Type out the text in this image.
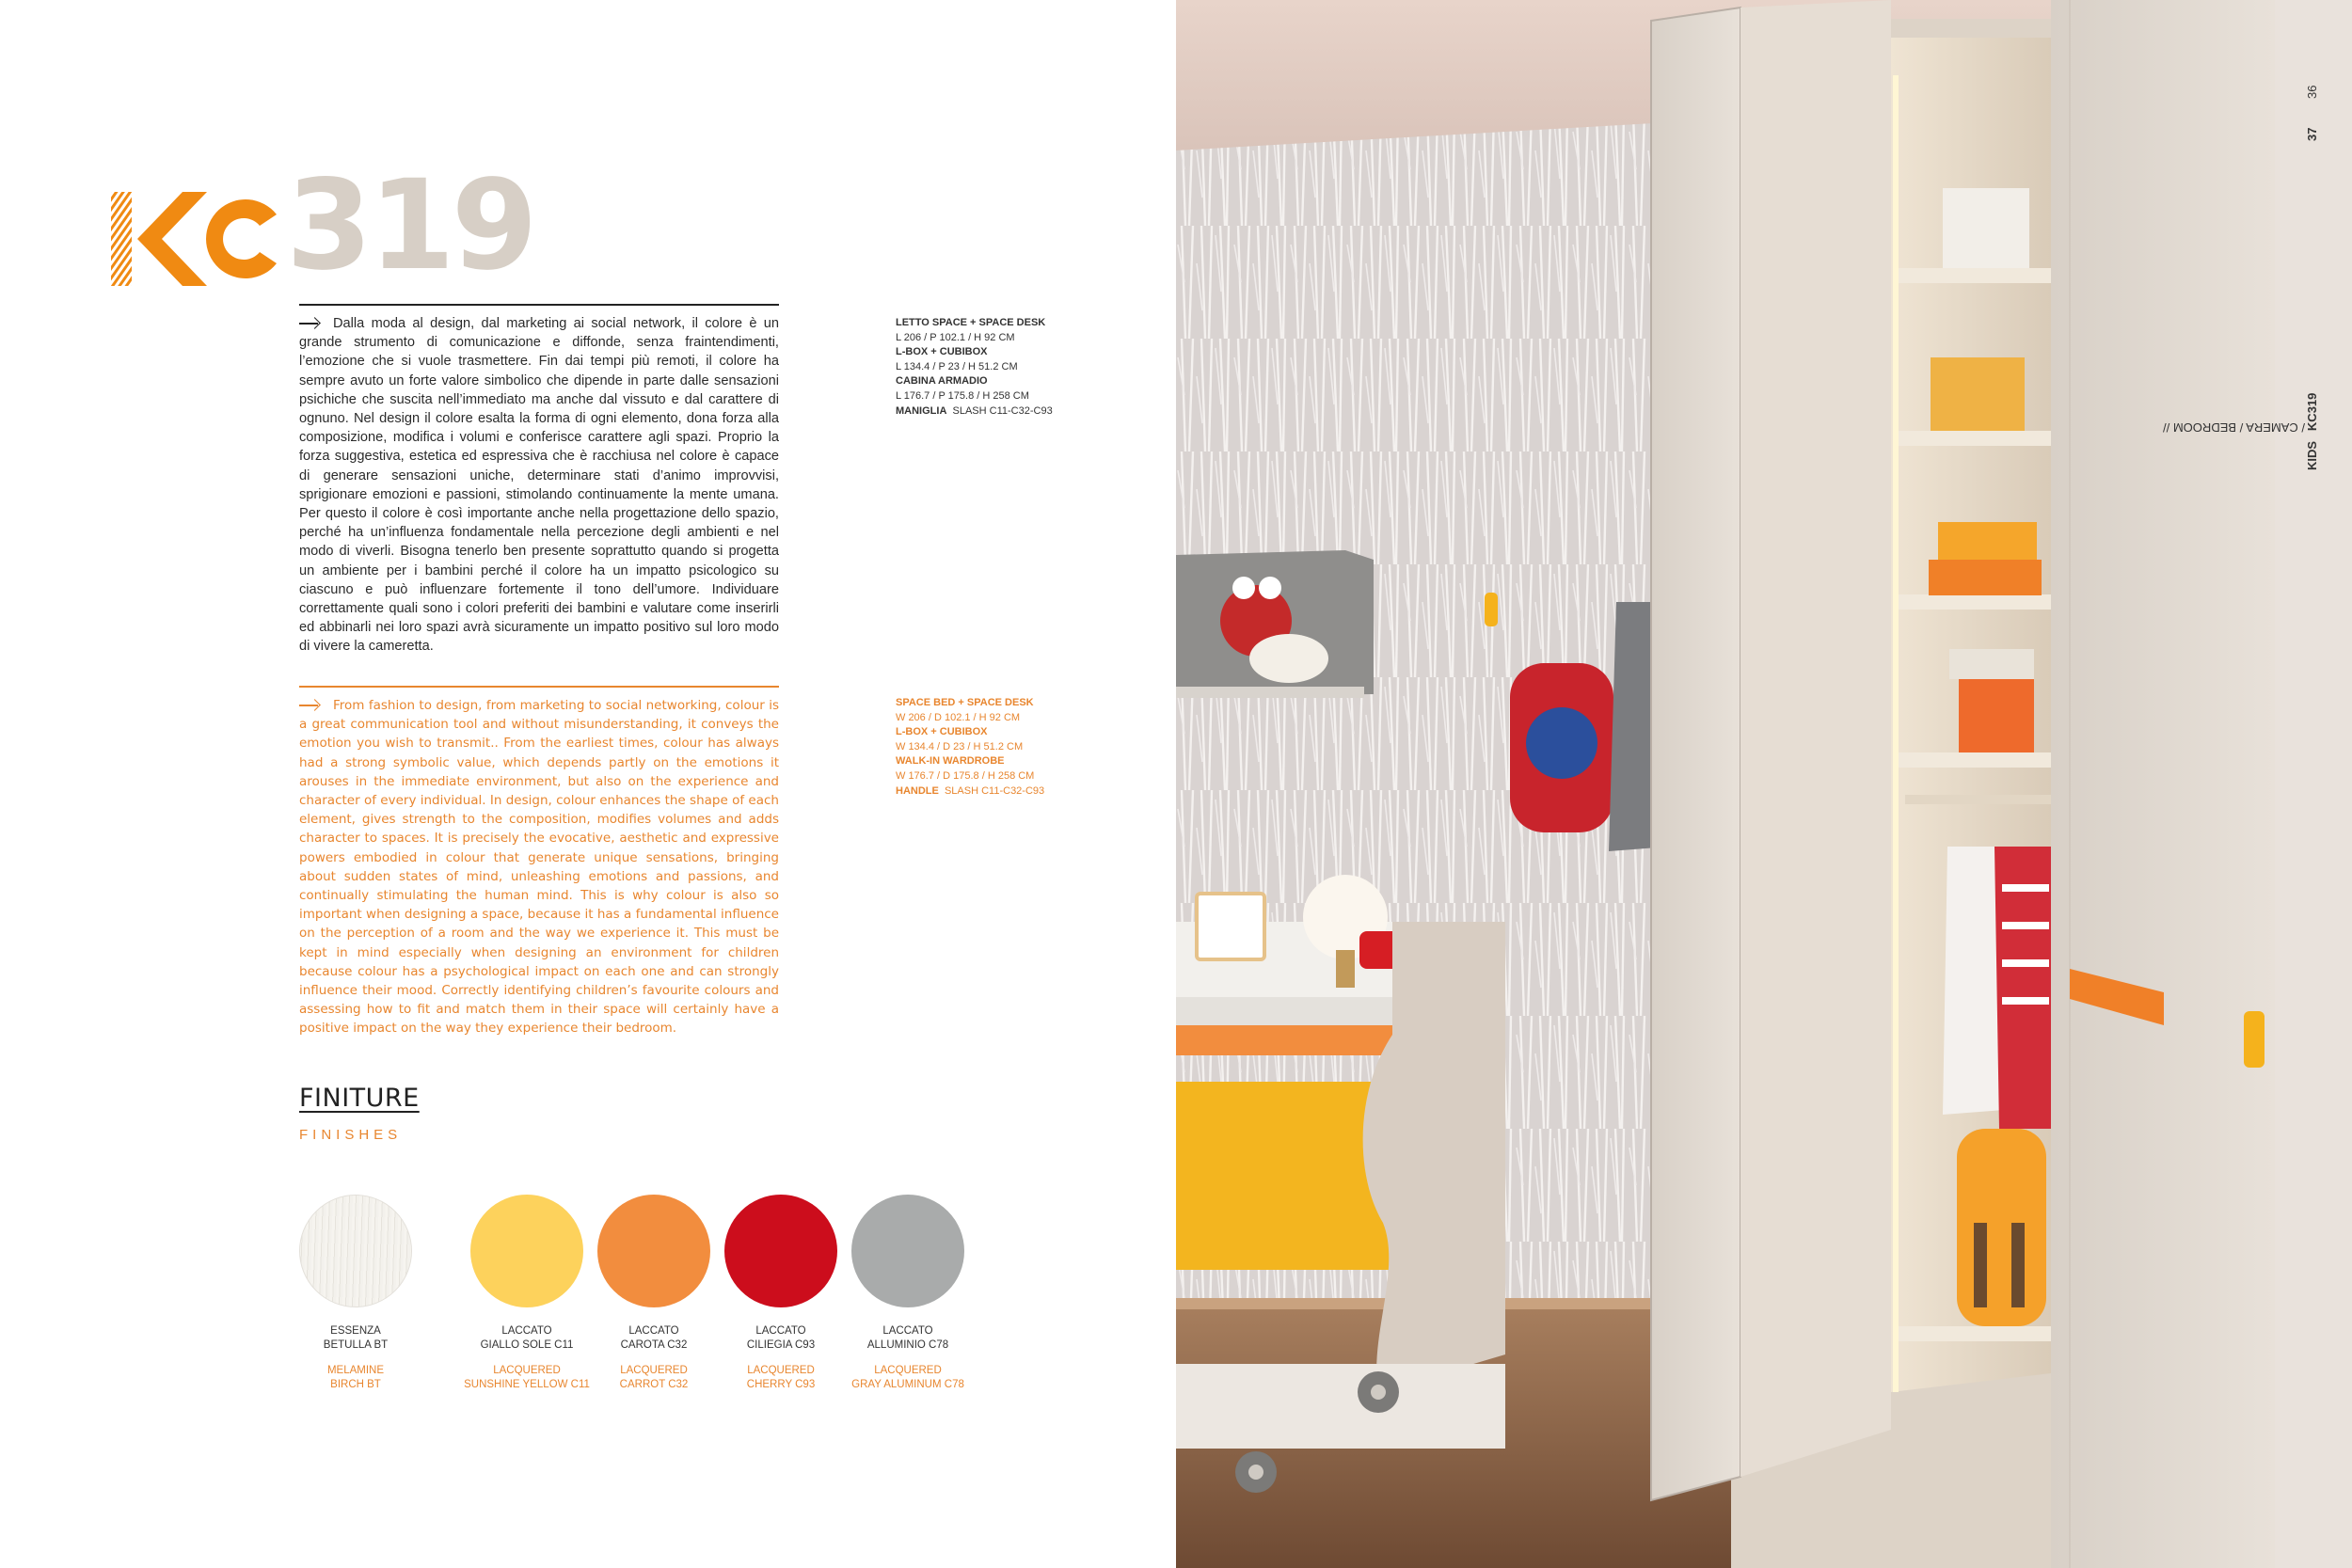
319

Dalla moda al design, dal marketing ai social network, il colore è un grande strumento di comunicazione e diffonde, senza fraintendimenti, l’emozione che si vuole trasmettere. Fin dai tempi più remoti, il colore ha sempre avuto un forte valore simbolico che dipende in parte dalle sensazioni psichiche che suscita nell’immediato ma anche dal vissuto e dal carattere di ognuno. Nel design il colore esalta la forma di ogni elemento, dona forza alla composizione, modifica i volumi e conferisce carattere agli spazi. Proprio la forza suggestiva, estetica ed espressiva che è racchiusa nel colore è capace di generare sensazioni uniche, determinare stati d’animo improvvisi, sprigionare emozioni e passioni, stimolando continuamente la mente umana. Per questo il colore è così importante anche nella progettazione dello spazio, perché ha un’influenza fondamentale nella percezione degli ambienti e nel modo di viverli. Bisogna tenerlo ben presente soprattutto quando si progetta un ambiente per i bambini perché il colore ha un impatto psicologico su ciascuno e può influenzare fortemente il tono dell’umore. Individuare correttamente quali sono i colori preferiti dei bambini e valutare come inserirli ed abbinarli nei loro spazi avrà sicuramente un impatto positivo sul loro modo di vivere la cameretta.

From fashion to design, from marketing to social networking, colour is a great communication tool and without misunderstanding, it conveys the emotion you wish to transmit.. From the earliest times, colour has always had a strong symbolic value, which depends partly on the emotions it arouses in the immediate environment, but also on the experience and character of every individual. In design, colour enhances the shape of each element, gives strength to the composition, modifies volumes and adds character to spaces. It is precisely the evocative, aesthetic and expressive powers embodied in colour that generate unique sensations, bringing about sudden states of mind, unleashing emotions and passions, and continually stimulating the human mind. This is why colour is also so important when designing a space, because it has a fundamental influence on the perception of a room and the way we experience it. This must be kept in mind especially when designing an environment for children because colour has a psychological impact on each one and can strongly influence their mood. Correctly identifying children’s favourite colours and assessing how to fit and match them in their space will certainly have a positive impact on the way they experience their bedroom.

LETTO SPACE + SPACE DESK
L 206 / P 102.1 / H 92 CM
L-BOX + CUBIBOX
L 134.4 / P 23 / H 51.2 CM
CABINA ARMADIO
L 176.7 / P 175.8 / H 258 CM
MANIGLIA SLASH C11-C32-C93
SPACE BED + SPACE DESK
W 206 / D 102.1 / H 92 CM
L-BOX + CUBIBOX
W 134.4 / D 23 / H 51.2 CM
WALK-IN WARDROBE
W 176.7 / D 175.8 / H 258 CM
HANDLE SLASH C11-C32-C93
FINITURE
FINISHES
ESSENZA
BETULLA BT
MELAMINE
BIRCH BT
LACCATO
GIALLO SOLE C11
LACQUERED
SUNSHINE YELLOW C11
LACCATO
CAROTA C32
LACQUERED
CARROT C32
LACCATO
CILIEGIA C93
LACQUERED
CHERRY C93
LACCATO
ALLUMINIO C78
LACQUERED
GRAY ALUMINUM C78
36
37
KIDS
/ CAMERA / BEDROOM // KC319
